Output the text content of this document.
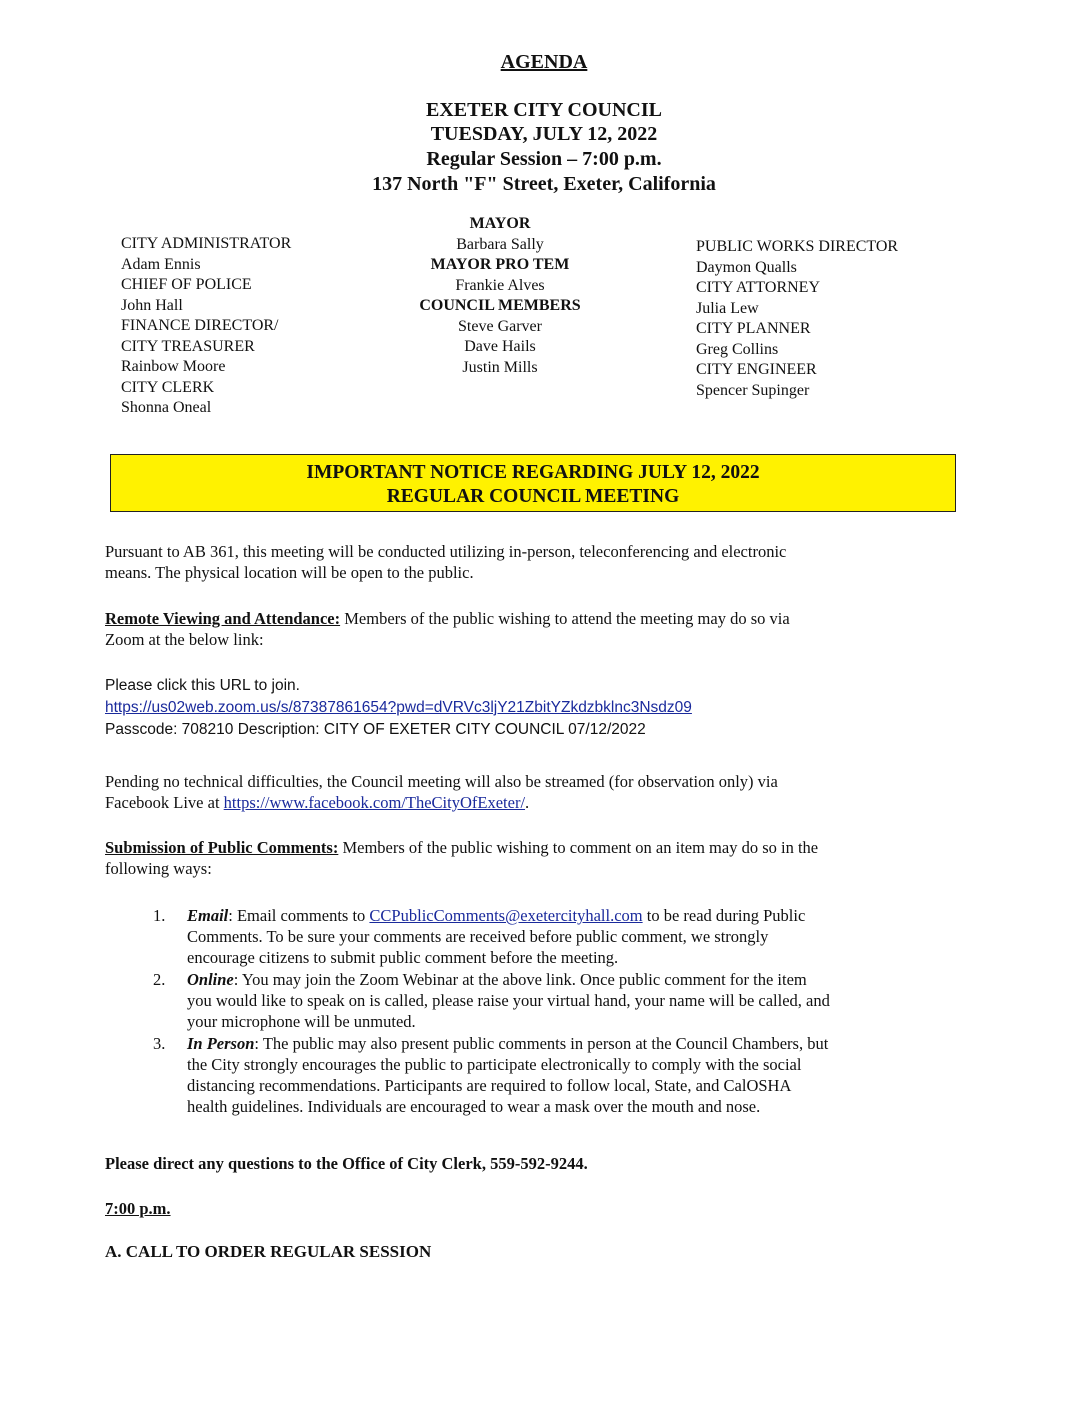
AGENDA
EXETER CITY COUNCIL
TUESDAY, JULY 12, 2022
Regular Session – 7:00 p.m.
137 North "F" Street, Exeter, California
CITY ADMINISTRATOR
Adam Ennis
CHIEF OF POLICE
John Hall
FINANCE DIRECTOR/
CITY TREASURER
Rainbow Moore
CITY CLERK
Shonna Oneal
MAYOR
Barbara Sally
MAYOR PRO TEM
Frankie Alves
COUNCIL MEMBERS
Steve Garver
Dave Hails
Justin Mills
PUBLIC WORKS DIRECTOR
Daymon Qualls
CITY ATTORNEY
Julia Lew
CITY PLANNER
Greg Collins
CITY ENGINEER
Spencer Supinger
IMPORTANT NOTICE REGARDING JULY 12, 2022
REGULAR COUNCIL MEETING
Pursuant to AB 361, this meeting will be conducted utilizing in-person, teleconferencing and electronic
means. The physical location will be open to the public.
Remote Viewing and Attendance: Members of the public wishing to attend the meeting may do so via
Zoom at the below link:
Please click this URL to join.
https://us02web.zoom.us/s/87387861654?pwd=dVRVc3ljY21ZbitYZkdzbklnc3Nsdz09
Passcode: 708210 Description: CITY OF EXETER CITY COUNCIL 07/12/2022
Pending no technical difficulties, the Council meeting will also be streamed (for observation only) via
Facebook Live at https://www.facebook.com/TheCityOfExeter/.
Submission of Public Comments: Members of the public wishing to comment on an item may do so in the
following ways:
1. Email: Email comments to CCPublicComments@exetercityhall.com to be read during Public
Comments. To be sure your comments are received before public comment, we strongly
encourage citizens to submit public comment before the meeting.
2. Online: You may join the Zoom Webinar at the above link. Once public comment for the item
you would like to speak on is called, please raise your virtual hand, your name will be called, and
your microphone will be unmuted.
3. In Person: The public may also present public comments in person at the Council Chambers, but
the City strongly encourages the public to participate electronically to comply with the social
distancing recommendations. Participants are required to follow local, State, and CalOSHA
health guidelines. Individuals are encouraged to wear a mask over the mouth and nose.
Please direct any questions to the Office of City Clerk, 559-592-9244.
7:00 p.m.
A. CALL TO ORDER REGULAR SESSION
